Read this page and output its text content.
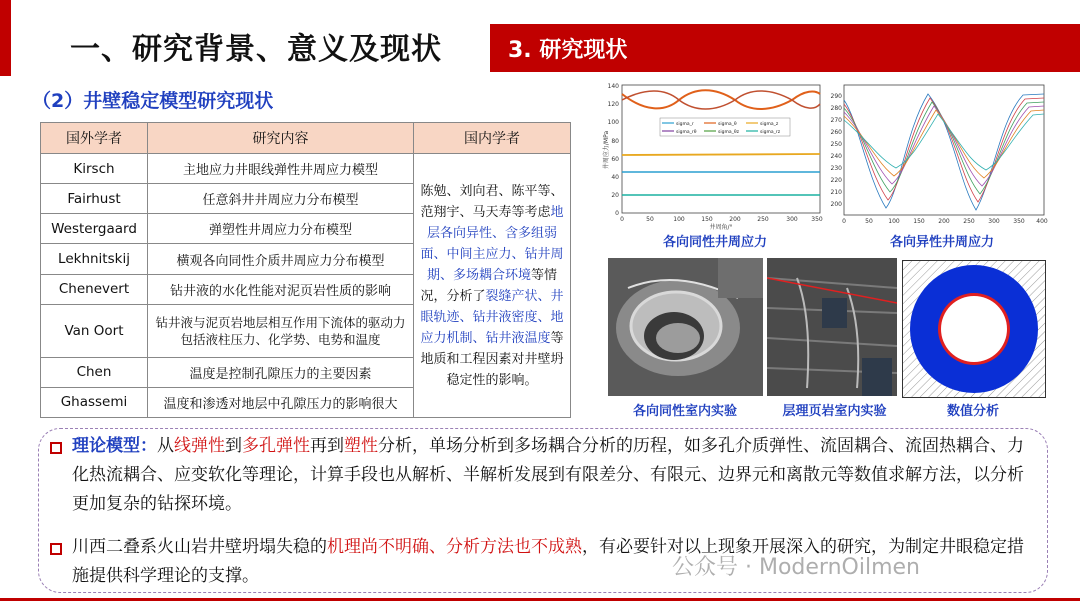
一、研究背景、意义及现状	3. 研究现状
（2）井壁稳定模型研究现状
国外学者	研究内容	国内学者
Kirsch	主地应力井眼线弹性井周应力模型	陈勉、刘向君、陈平等、范翔宇、马天寿等考虑地层各向异性、含多组弱面、中间主应力、钻井周期、多场耦合环境等情况，分析了裂缝产状、井眼轨迹、钻井液密度、地应力机制、钻井液温度等地质和工程因素对井壁坍稳定性的影响。
Fairhust	任意斜井井周应力分布模型	
Westergaard	弹塑性井周应力分布模型	
Lekhnitskij	横观各向同性介质井周应力分布模型	
Chenevert	钻井液的水化性能对泥页岩性质的影响	
Van Oort	钻井液与泥页岩地层相互作用下流体的驱动力包括液柱压力、化学势、电势和温度	
Chen	温度是控制孔隙压力的主要因素	
Ghassemi	温度和渗透对地层中孔隙压力的影响很大	
140
120
100
80
60
40
20
0
0	50	100	150	200	250	300 350
井周角/°
井周应力/MPa
sigma_r	sigma_θ	sigma_z
sigma_rθ	sigma_θz	sigma_rz
各向同性井周应力
290
280
270
260
250
240
230
220
210
200
0	50	100 150 200 250 300 350 400
各向异性井周应力
各向同性室内实验	层理页岩室内实验	数值分析
理论模型：从线弹性到多孔弹性再到塑性分析，单场分析到多场耦合分析的历程，如多孔介质弹性、流固耦合、流固热耦合、力化热流耦合、应变软化等理论，计算手段也从解析、半解析发展到有限差分、有限元、边界元和离散元等数值求解方法，以分析更加复杂的钻探环境。
川西二叠系火山岩井壁坍塌失稳的机理尚不明确、分析方法也不成熟，有必要针对以上现象开展深入的研究，为制定井眼稳定措施提供科学理论的支撑。	公众号 · ModernOilmen
